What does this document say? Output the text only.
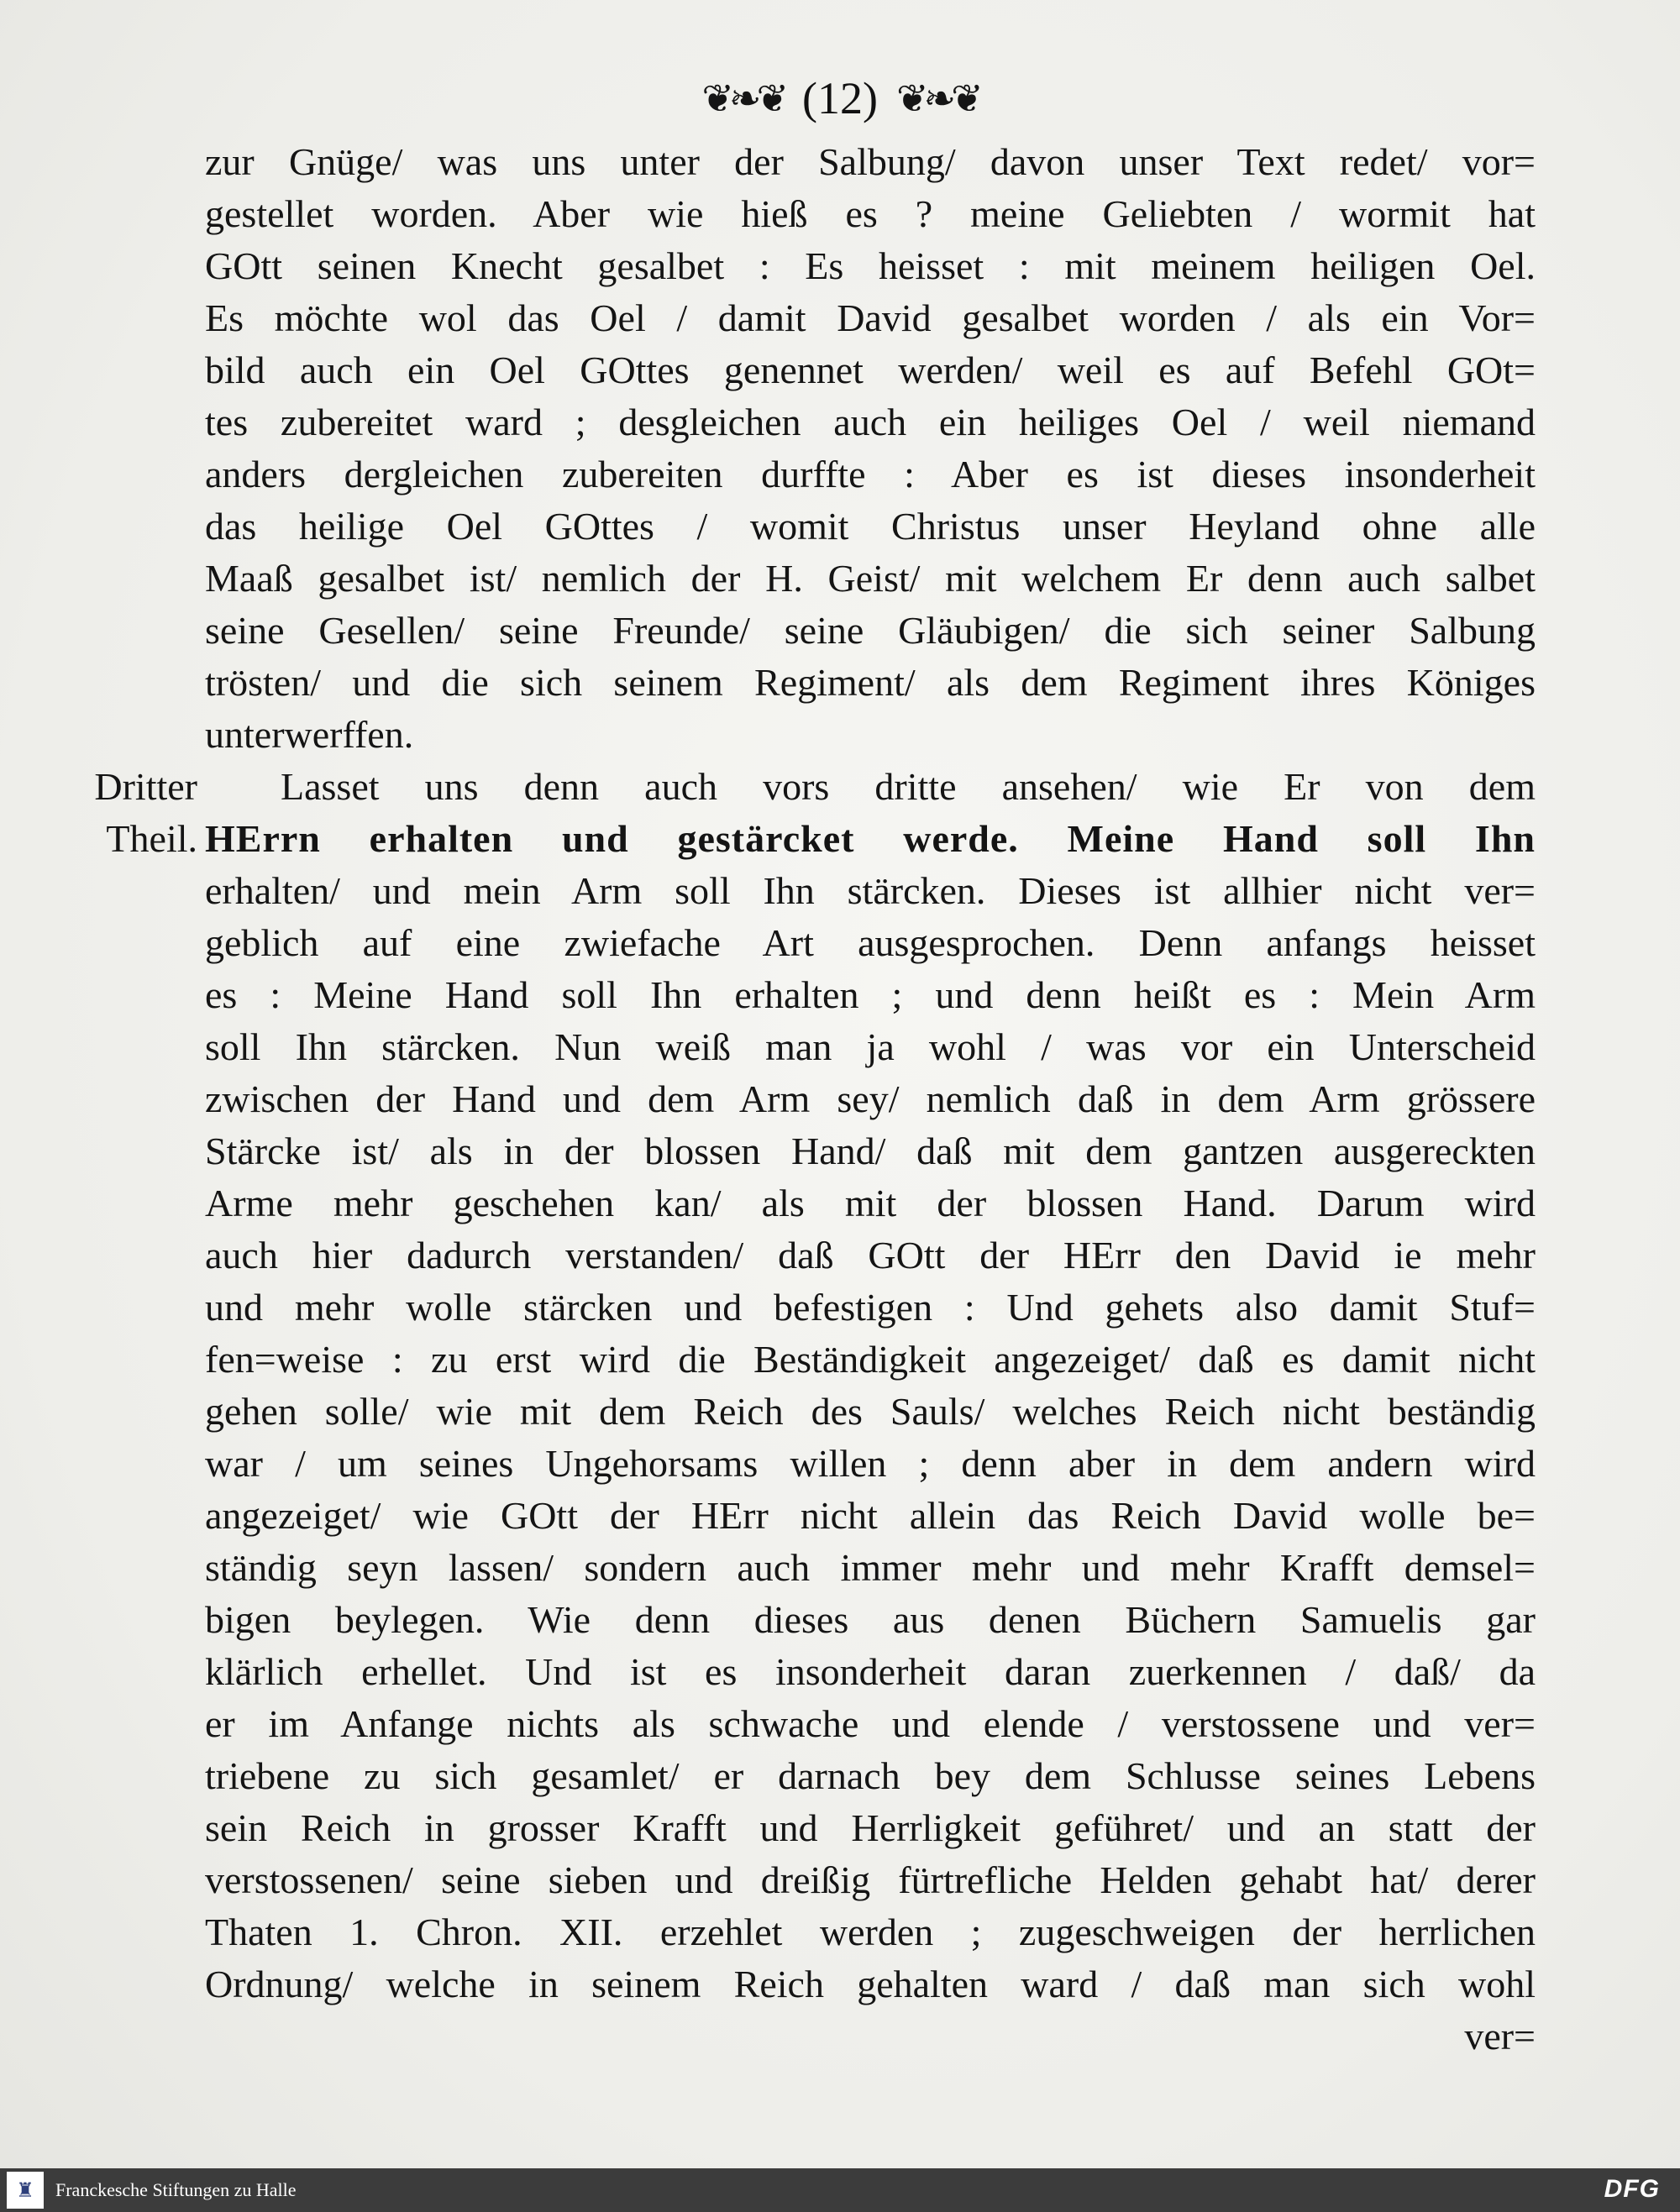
❦❧❦ (12) ❦❧❦
Dritter
Theil.
zur Gnüge/ was uns unter der Salbung/ davon unser Text redet/ vor=
gestellet worden. Aber wie hieß es ? meine Geliebten / wormit hat
GOtt seinen Knecht gesalbet : Es heisset : mit meinem heiligen Oel.
Es möchte wol das Oel / damit David gesalbet worden / als ein Vor=
bild auch ein Oel GOttes genennet werden/ weil es auf Befehl GOt=
tes zubereitet ward ; desgleichen auch ein heiliges Oel / weil niemand
anders dergleichen zubereiten durffte : Aber es ist dieses insonderheit
das heilige Oel GOttes / womit Christus unser Heyland ohne alle
Maaß gesalbet ist/ nemlich der H. Geist/ mit welchem Er denn auch salbet
seine Gesellen/ seine Freunde/ seine Gläubigen/ die sich seiner Salbung
trösten/ und die sich seinem Regiment/ als dem Regiment ihres Königes
unterwerffen.
Lasset uns denn auch vors dritte ansehen/ wie Er von dem
HErrn erhalten und gestärcket werde. Meine Hand soll Ihn
erhalten/ und mein Arm soll Ihn stärcken. Dieses ist allhier nicht ver=
geblich auf eine zwiefache Art ausgesprochen. Denn anfangs heisset
es : Meine Hand soll Ihn erhalten ; und denn heißt es : Mein Arm
soll Ihn stärcken. Nun weiß man ja wohl / was vor ein Unterscheid
zwischen der Hand und dem Arm sey/ nemlich daß in dem Arm grössere
Stärcke ist/ als in der blossen Hand/ daß mit dem gantzen ausgereckten
Arme mehr geschehen kan/ als mit der blossen Hand. Darum wird
auch hier dadurch verstanden/ daß GOtt der HErr den David ie mehr
und mehr wolle stärcken und befestigen : Und gehets also damit Stuf=
fen=weise : zu erst wird die Beständigkeit angezeiget/ daß es damit nicht
gehen solle/ wie mit dem Reich des Sauls/ welches Reich nicht beständig
war / um seines Ungehorsams willen ; denn aber in dem andern wird
angezeiget/ wie GOtt der HErr nicht allein das Reich David wolle be=
ständig seyn lassen/ sondern auch immer mehr und mehr Krafft demsel=
bigen beylegen. Wie denn dieses aus denen Büchern Samuelis gar
klärlich erhellet. Und ist es insonderheit daran zuerkennen / daß/ da
er im Anfange nichts als schwache und elende / verstossene und ver=
triebene zu sich gesamlet/ er darnach bey dem Schlusse seines Lebens
sein Reich in grosser Krafft und Herrligkeit geführet/ und an statt der
verstossenen/ seine sieben und dreißig fürtrefliche Helden gehabt hat/ derer
Thaten 1. Chron. XII. erzehlet werden ; zugeschweigen der herrlichen
Ordnung/ welche in seinem Reich gehalten ward / daß man sich wohl
ver=
♜	Franckesche Stiftungen zu Halle	DFG
